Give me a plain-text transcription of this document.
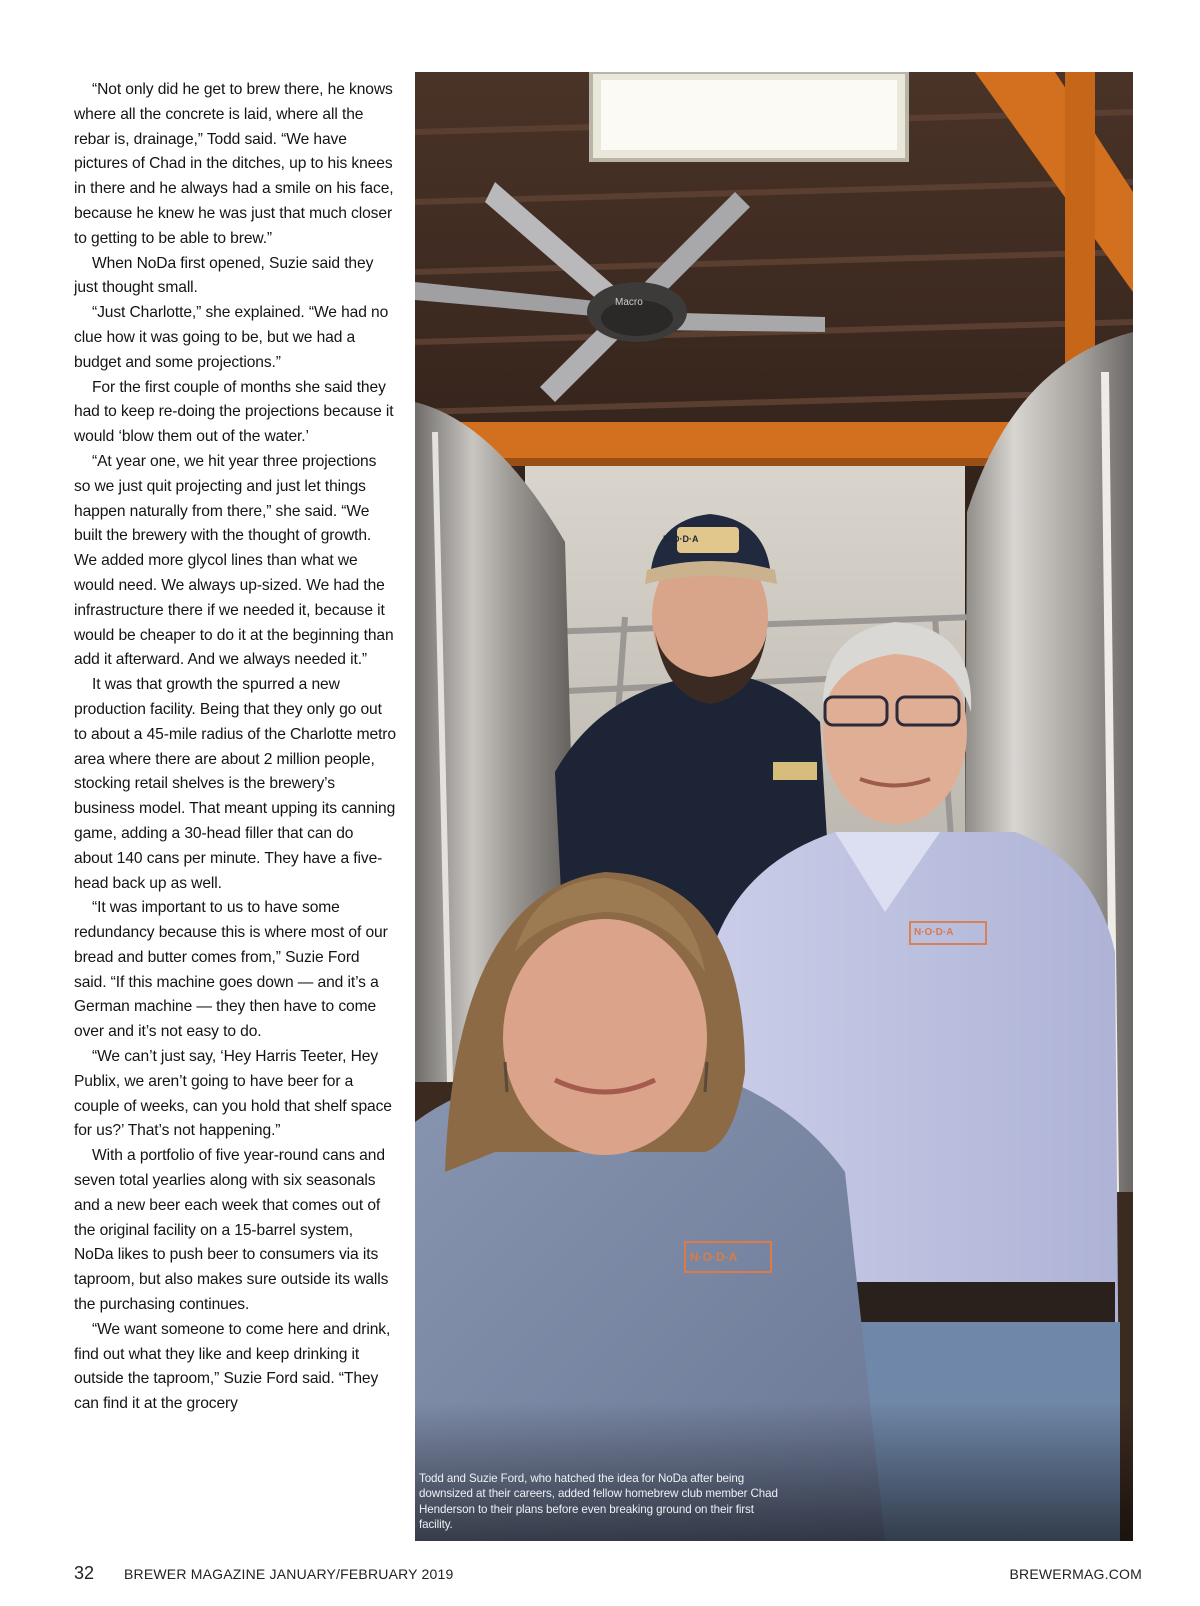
“Not only did he get to brew there, he knows where all the concrete is laid, where all the rebar is, drainage,” Todd said. “We have pictures of Chad in the ditches, up to his knees in there and he always had a smile on his face, because he knew he was just that much closer to getting to be able to brew.”

When NoDa first opened, Suzie said they just thought small.

“Just Charlotte,” she explained. “We had no clue how it was going to be, but we had a budget and some projections.”

For the first couple of months she said they had to keep re-doing the projections because it would ‘blow them out of the water.’

“At year one, we hit year three projections so we just quit projecting and just let things happen naturally from there,” she said. “We built the brewery with the thought of growth. We added more glycol lines than what we would need. We always up-sized. We had the infrastructure there if we needed it, because it would be cheaper to do it at the beginning than add it afterward. And we always needed it.”

It was that growth the spurred a new production facility. Being that they only go out to about a 45-mile radius of the Charlotte metro area where there are about 2 million people, stocking retail shelves is the brewery’s business model. That meant upping its canning game, adding a 30-head filler that can do about 140 cans per minute. They have a five-head back up as well.

“It was important to us to have some redundancy because this is where most of our bread and butter comes from,” Suzie Ford said. “If this machine goes down — and it’s a German machine — they then have to come over and it’s not easy to do.

“We can’t just say, ‘Hey Harris Teeter, Hey Publix, we aren’t going to have beer for a couple of weeks, can you hold that shelf space for us?’ That’s not happening.”

With a portfolio of five year-round cans and seven total yearlies along with six seasonals and a new beer each week that comes out of the original facility on a 15-barrel system, NoDa likes to push beer to consumers via its taproom, but also makes sure outside its walls the purchasing continues.

“We want someone to come here and drink, find out what they like and keep drinking it outside the taproom,” Suzie Ford said. “They can find it at the grocery

N·O·D·A
N·O·D·A
N·O·D·A
Macro
Todd and Suzie Ford, who hatched the idea for NoDa after being downsized at their careers, added fellow homebrew club member Chad Henderson to their plans before even breaking ground on their first facility.
32 BREWER MAGAZINE JANUARY/FEBRUARY 2019	BREWERMAG.COM
